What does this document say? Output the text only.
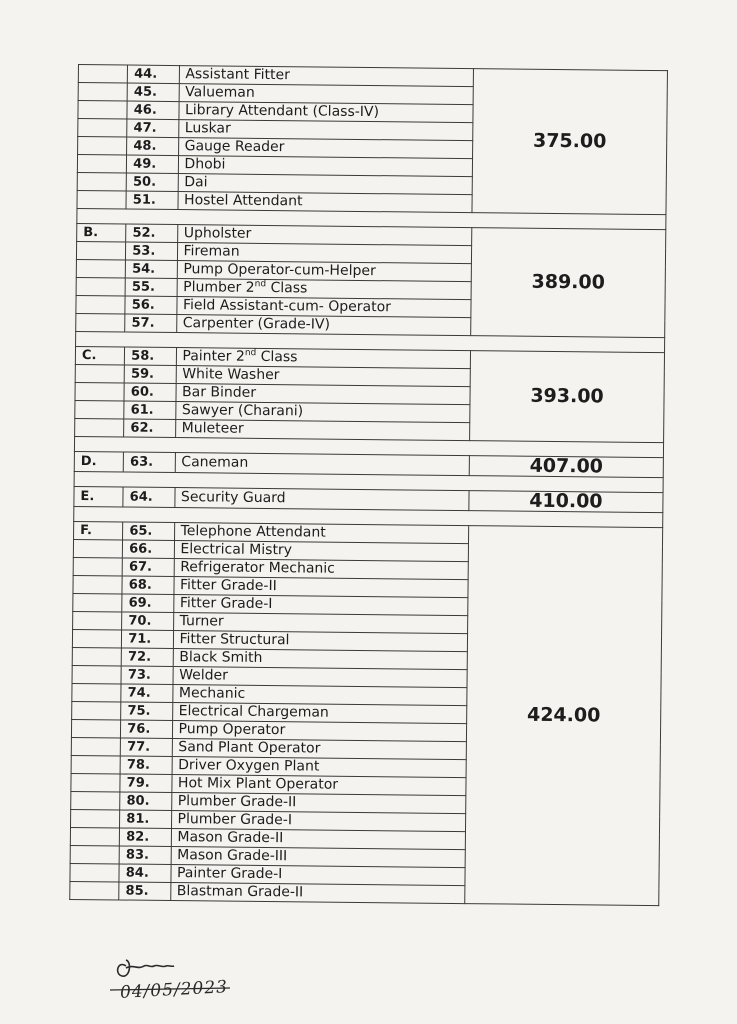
	44.	Assistant Fitter	375.00
	45.	Valueman	
	46.	Library Attendant (Class-IV)	
	47.	Luskar	
	48.	Gauge Reader	
	49.	Dhobi	
	50.	Dai	
	51.	Hostel Attendant	

B.	52.	Upholster	389.00
	53.	Fireman	
	54.	Pump Operator-cum-Helper	
	55.	Plumber 2nd Class	
	56.	Field Assistant-cum- Operator	
	57.	Carpenter (Grade-IV)	

C.	58.	Painter 2nd Class	393.00
	59.	White Washer	
	60.	Bar Binder	
	61.	Sawyer (Charani)	
	62.	Muleteer	

D.	63.	Caneman	407.00

E.	64.	Security Guard	410.00

F.	65.	Telephone Attendant	424.00
	66.	Electrical Mistry	
	67.	Refrigerator Mechanic	
	68.	Fitter Grade-II	
	69.	Fitter Grade-I	
	70.	Turner	
	71.	Fitter Structural	
	72.	Black Smith	
	73.	Welder	
	74.	Mechanic	
	75.	Electrical Chargeman	
	76.	Pump Operator	
	77.	Sand Plant Operator	
	78.	Driver Oxygen Plant	
	79.	Hot Mix Plant Operator	
	80.	Plumber Grade-II	
	81.	Plumber Grade-I	
	82.	Mason Grade-II	
	83.	Mason Grade-III	
	84.	Painter Grade-I	
	85.	Blastman Grade-II	
04/05/2023
